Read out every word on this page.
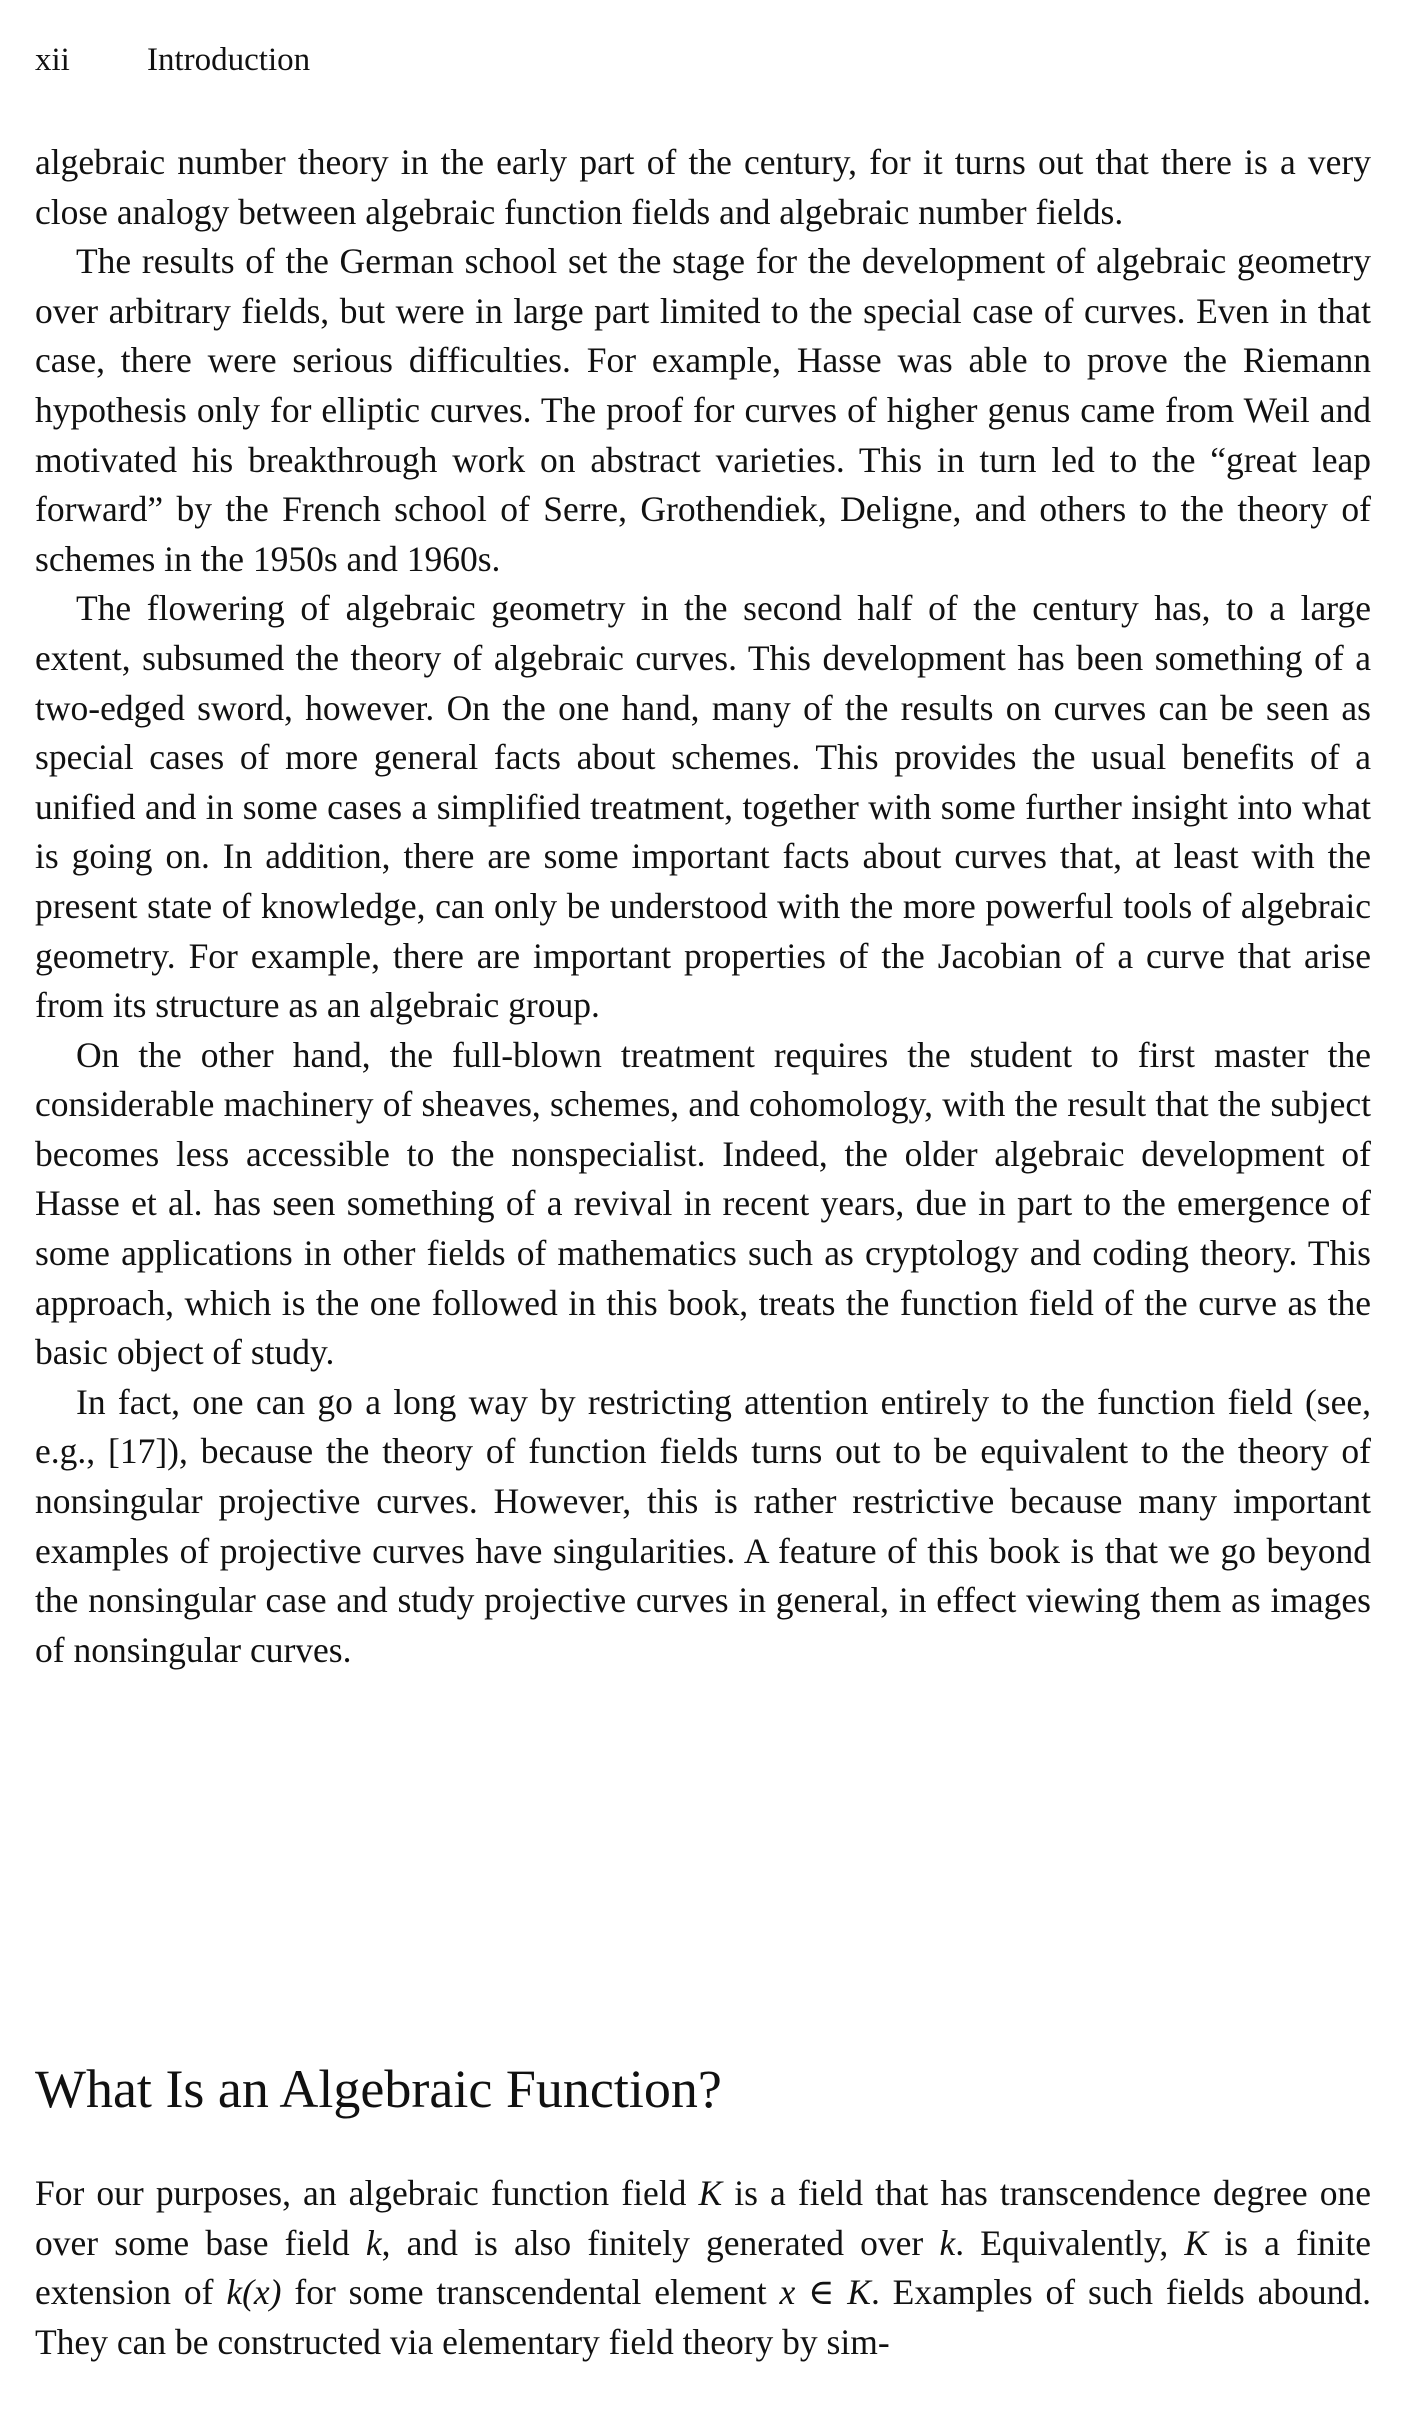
xii Introduction

algebraic number theory in the early part of the century, for it turns out that there is a very close analogy between algebraic function fields and algebraic number fields.

The results of the German school set the stage for the development of algebraic geometry over arbitrary fields, but were in large part limited to the special case of curves. Even in that case, there were serious difficulties. For example, Hasse was able to prove the Riemann hypothesis only for elliptic curves. The proof for curves of higher genus came from Weil and motivated his breakthrough work on abstract varieties. This in turn led to the “great leap forward” by the French school of Serre, Grothendiek, Deligne, and others to the theory of schemes in the 1950s and 1960s.

The flowering of algebraic geometry in the second half of the century has, to a large extent, subsumed the theory of algebraic curves. This development has been something of a two-edged sword, however. On the one hand, many of the results on curves can be seen as special cases of more general facts about schemes. This provides the usual benefits of a unified and in some cases a simplified treatment, together with some further insight into what is going on. In addition, there are some important facts about curves that, at least with the present state of knowledge, can only be understood with the more powerful tools of algebraic geometry. For example, there are important properties of the Jacobian of a curve that arise from its structure as an algebraic group.

On the other hand, the full-blown treatment requires the student to first master the considerable machinery of sheaves, schemes, and cohomology, with the result that the subject becomes less accessible to the nonspecialist. Indeed, the older algebraic development of Hasse et al. has seen something of a revival in recent years, due in part to the emergence of some applications in other fields of mathematics such as cryptology and coding theory. This approach, which is the one followed in this book, treats the function field of the curve as the basic object of study.

In fact, one can go a long way by restricting attention entirely to the function field (see, e.g., [17]), because the theory of function fields turns out to be equivalent to the theory of nonsingular projective curves. However, this is rather restrictive because many important examples of projective curves have singularities. A feature of this book is that we go beyond the nonsingular case and study projective curves in general, in effect viewing them as images of nonsingular curves.

What Is an Algebraic Function?

For our purposes, an algebraic function field K is a field that has transcendence degree one over some base field k, and is also finitely generated over k. Equivalently, K is a finite extension of k(x) for some transcendental element x ∈ K. Examples of such fields abound. They can be constructed via elementary field theory by sim-
